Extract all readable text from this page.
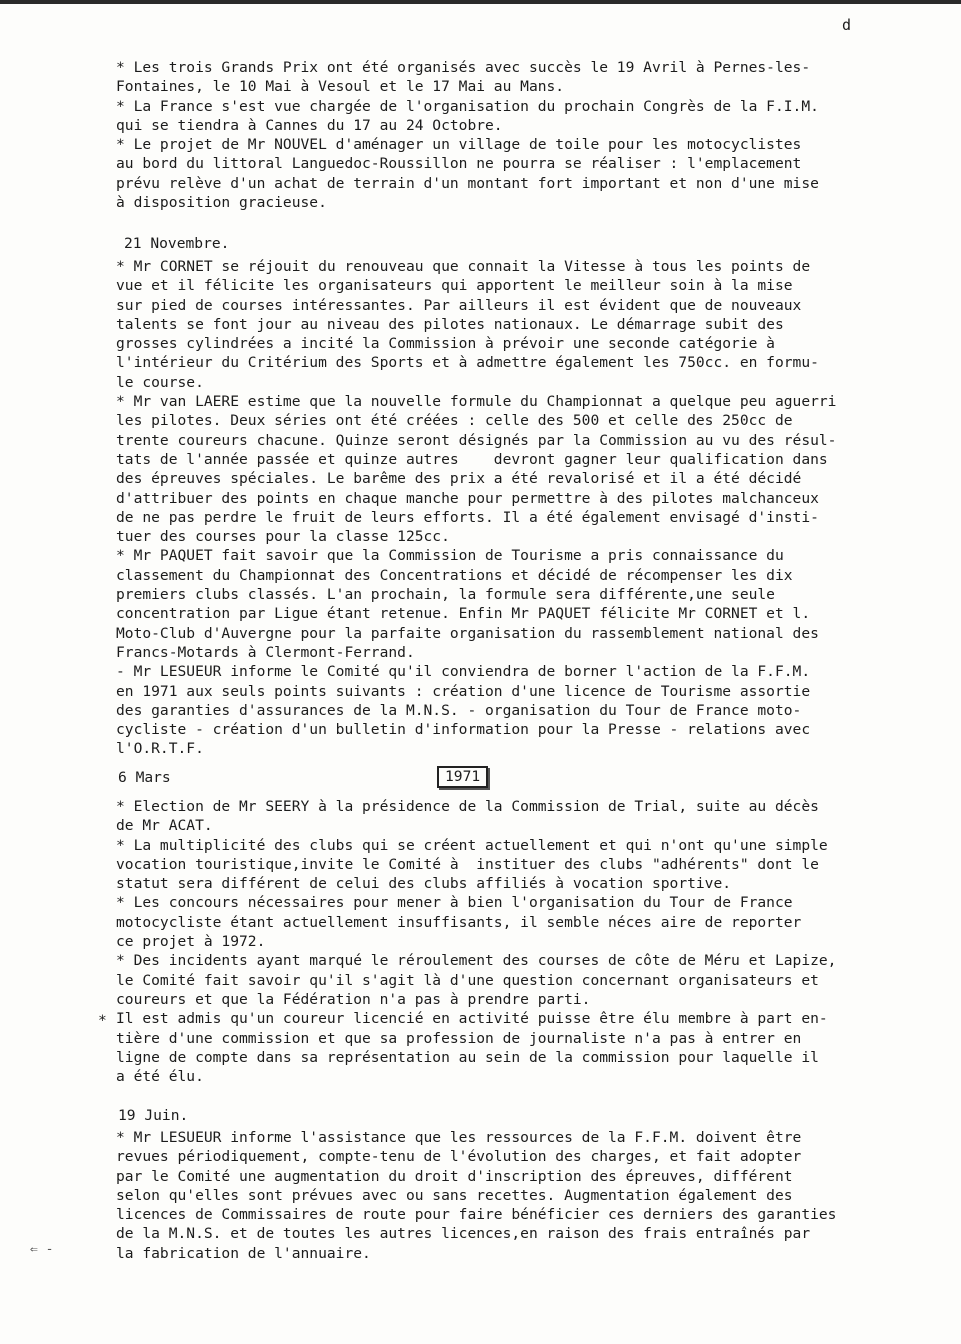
d
* Les trois Grands Prix ont été organisés avec succès le 19 Avril à Pernes-les-
Fontaines, le 10 Mai à Vesoul et le 17 Mai au Mans.
* La France s'est vue chargée de l'organisation du prochain Congrès de la F.I.M.
qui se tiendra à Cannes du 17 au 24 Octobre.
* Le projet de Mr NOUVEL d'aménager un village de toile pour les motocyclistes
au bord du littoral Languedoc-Roussillon ne pourra se réaliser : l'emplacement
prévu relève d'un achat de terrain d'un montant fort important et non d'une mise
à disposition gracieuse.
21 Novembre.
* Mr CORNET se réjouit du renouveau que connait la Vitesse à tous les points de
vue et il félicite les organisateurs qui apportent le meilleur soin à la mise
sur pied de courses intéressantes. Par ailleurs il est évident que de nouveaux
talents se font jour au niveau des pilotes nationaux. Le démarrage subit des
grosses cylindrées a incité la Commission à prévoir une seconde catégorie à
l'intérieur du Critérium des Sports et à admettre également les 750cc. en formu-
le course.
* Mr van LAERE estime que la nouvelle formule du Championnat a quelque peu aguerri
les pilotes. Deux séries ont été créées : celle des 500 et celle des 250cc de
trente coureurs chacune. Quinze seront désignés par la Commission au vu des résul-
tats de l'année passée et quinze autres    devront gagner leur qualification dans
des épreuves spéciales. Le barême des prix a été revalorisé et il a été décidé
d'attribuer des points en chaque manche pour permettre à des pilotes malchanceux
de ne pas perdre le fruit de leurs efforts. Il a été également envisagé d'insti-
tuer des courses pour la classe 125cc.
* Mr PAQUET fait savoir que la Commission de Tourisme a pris connaissance du
classement du Championnat des Concentrations et décidé de récompenser les dix
premiers clubs classés. L'an prochain, la formule sera différente,une seule
concentration par Ligue étant retenue. Enfin Mr PAQUET félicite Mr CORNET et l.
Moto-Club d'Auvergne pour la parfaite organisation du rassemblement national des
Francs-Motards à Clermont-Ferrand.
- Mr LESUEUR informe le Comité qu'il conviendra de borner l'action de la F.F.M.
en 1971 aux seuls points suivants : création d'une licence de Tourisme assortie
des garanties d'assurances de la M.N.S. - organisation du Tour de France moto-
cycliste - création d'un bulletin d'information pour la Presse - relations avec
l'O.R.T.F.
6 Mars	1971
* Election de Mr SEERY à la présidence de la Commission de Trial, suite au décès
de Mr ACAT.
* La multiplicité des clubs qui se créent actuellement et qui n'ont qu'une simple
vocation touristique,invite le Comité à  instituer des clubs "adhérents" dont le
statut sera différent de celui des clubs affiliés à vocation sportive.
* Les concours nécessaires pour mener à bien l'organisation du Tour de France
motocycliste étant actuellement insuffisants, il semble néces aire de reporter
ce projet à 1972.
* Des incidents ayant marqué le réroulement des courses de côte de Méru et Lapize,
le Comité fait savoir qu'il s'agit là d'une question concernant organisateurs et
coureurs et que la Fédération n'a pas à prendre parti.
Il est admis qu'un coureur licencié en activité puisse être élu membre à part en-
tière d'une commission et que sa profession de journaliste n'a pas à entrer en
ligne de compte dans sa représentation au sein de la commission pour laquelle il
a été élu.
*
19 Juin.
* Mr LESUEUR informe l'assistance que les ressources de la F.F.M. doivent être
revues périodiquement, compte-tenu de l'évolution des charges, et fait adopter
par le Comité une augmentation du droit d'inscription des épreuves, différent
selon qu'elles sont prévues avec ou sans recettes. Augmentation également des
licences de Commissaires de route pour faire bénéficier ces derniers des garanties
de la M.N.S. et de toutes les autres licences,en raison des frais entraînés par
la fabrication de l'annuaire.
⇐ -
